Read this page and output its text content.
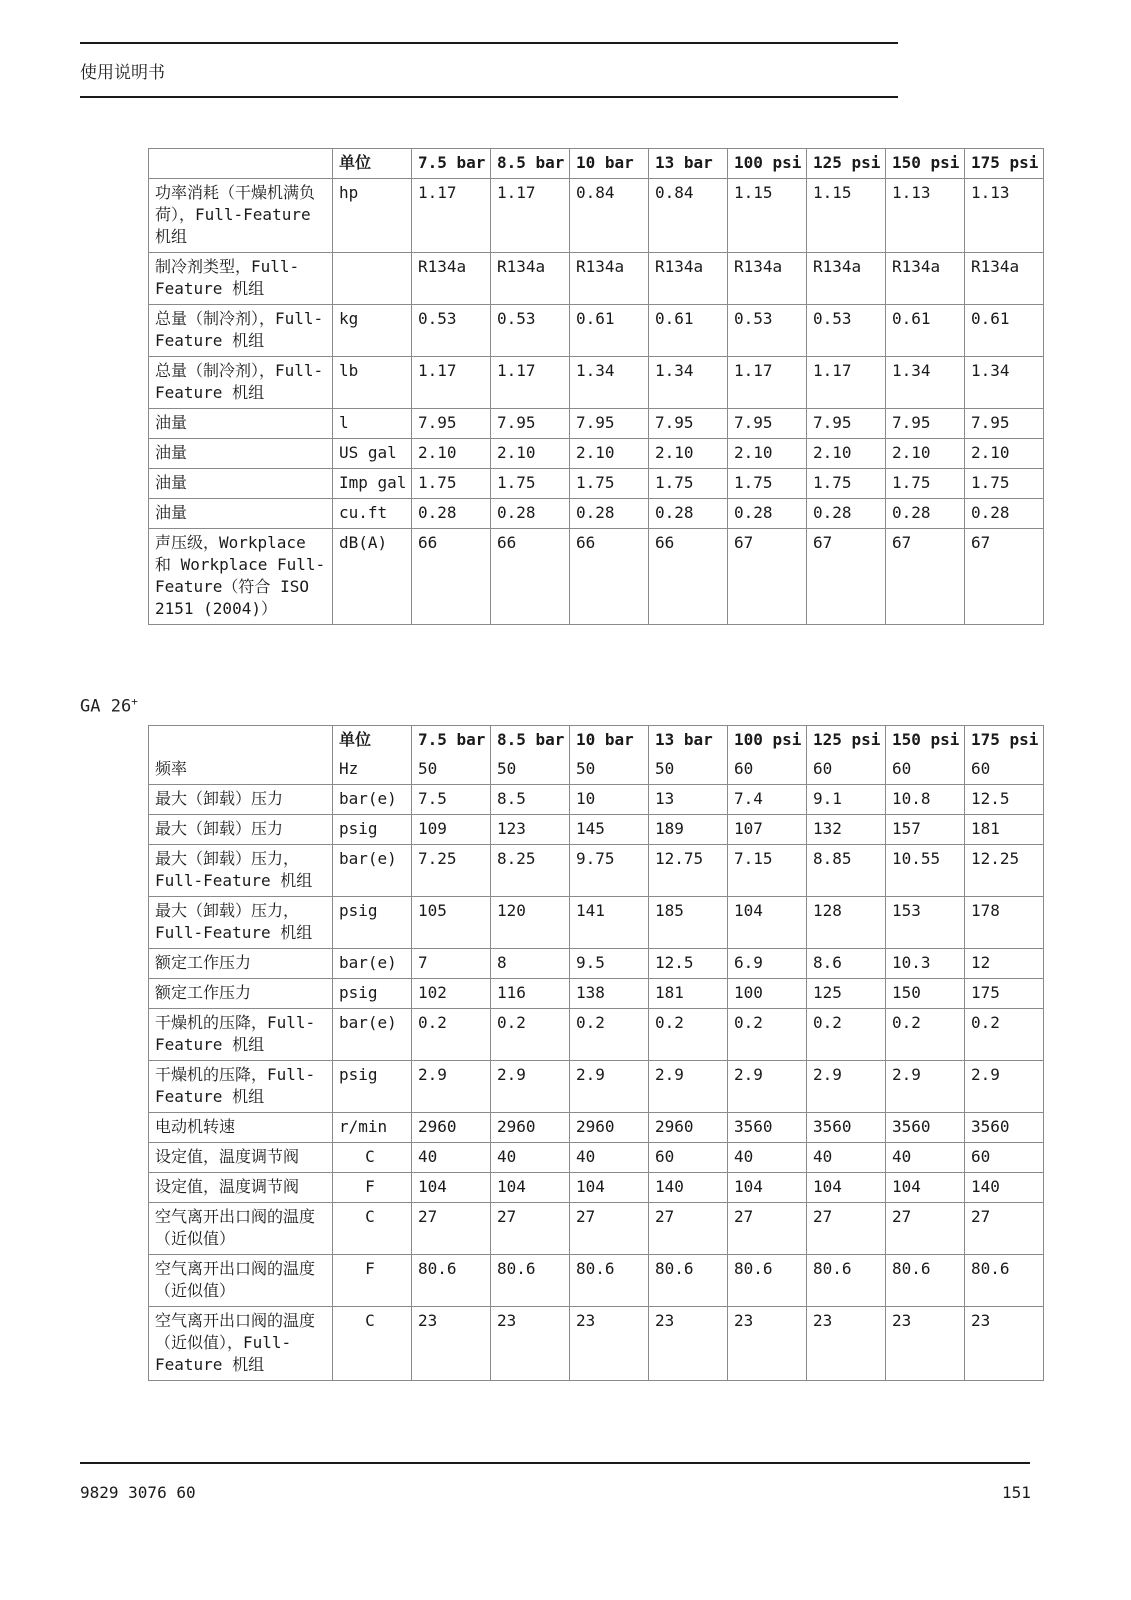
使用说明书
	单位	7.5 bar	8.5 bar	10 bar	13 bar	100 psi	125 psi	150 psi	175 psi
功率消耗（干燥机满负荷），Full-Feature 机组	hp	1.17	1.17	0.84	0.84	1.15	1.15	1.13	1.13
制冷剂类型，Full-Feature 机组		R134a	R134a	R134a	R134a	R134a	R134a	R134a	R134a
总量（制冷剂），Full-Feature 机组	kg	0.53	0.53	0.61	0.61	0.53	0.53	0.61	0.61
总量（制冷剂），Full-Feature 机组	lb	1.17	1.17	1.34	1.34	1.17	1.17	1.34	1.34
油量	l	7.95	7.95	7.95	7.95	7.95	7.95	7.95	7.95
油量	US gal	2.10	2.10	2.10	2.10	2.10	2.10	2.10	2.10
油量	Imp gal	1.75	1.75	1.75	1.75	1.75	1.75	1.75	1.75
油量	cu.ft	0.28	0.28	0.28	0.28	0.28	0.28	0.28	0.28
声压级，Workplace 和 Workplace Full-Feature（符合 ISO 2151 (2004)）	dB(A)	66	66	66	66	67	67	67	67
GA 26+
	单位	7.5 bar	8.5 bar	10 bar	13 bar	100 psi	125 psi	150 psi	175 psi
频率	Hz	50	50	50	50	60	60	60	60
最大（卸载）压力	bar(e)	7.5	8.5	10	13	7.4	9.1	10.8	12.5
最大（卸载）压力	psig	109	123	145	189	107	132	157	181
最大（卸载）压力，Full-Feature 机组	bar(e)	7.25	8.25	9.75	12.75	7.15	8.85	10.55	12.25
最大（卸载）压力，Full-Feature 机组	psig	105	120	141	185	104	128	153	178
额定工作压力	bar(e)	7	8	9.5	12.5	6.9	8.6	10.3	12
额定工作压力	psig	102	116	138	181	100	125	150	175
干燥机的压降，Full-Feature 机组	bar(e)	0.2	0.2	0.2	0.2	0.2	0.2	0.2	0.2
干燥机的压降，Full-Feature 机组	psig	2.9	2.9	2.9	2.9	2.9	2.9	2.9	2.9
电动机转速	r/min	2960	2960	2960	2960	3560	3560	3560	3560
设定值，温度调节阀	C	40	40	40	60	40	40	40	60
设定值，温度调节阀	F	104	104	104	140	104	104	104	140
空气离开出口阀的温度（近似值）	C	27	27	27	27	27	27	27	27
空气离开出口阀的温度（近似值）	F	80.6	80.6	80.6	80.6	80.6	80.6	80.6	80.6
空气离开出口阀的温度（近似值），Full-Feature 机组	C	23	23	23	23	23	23	23	23
9829 3076 60	151
